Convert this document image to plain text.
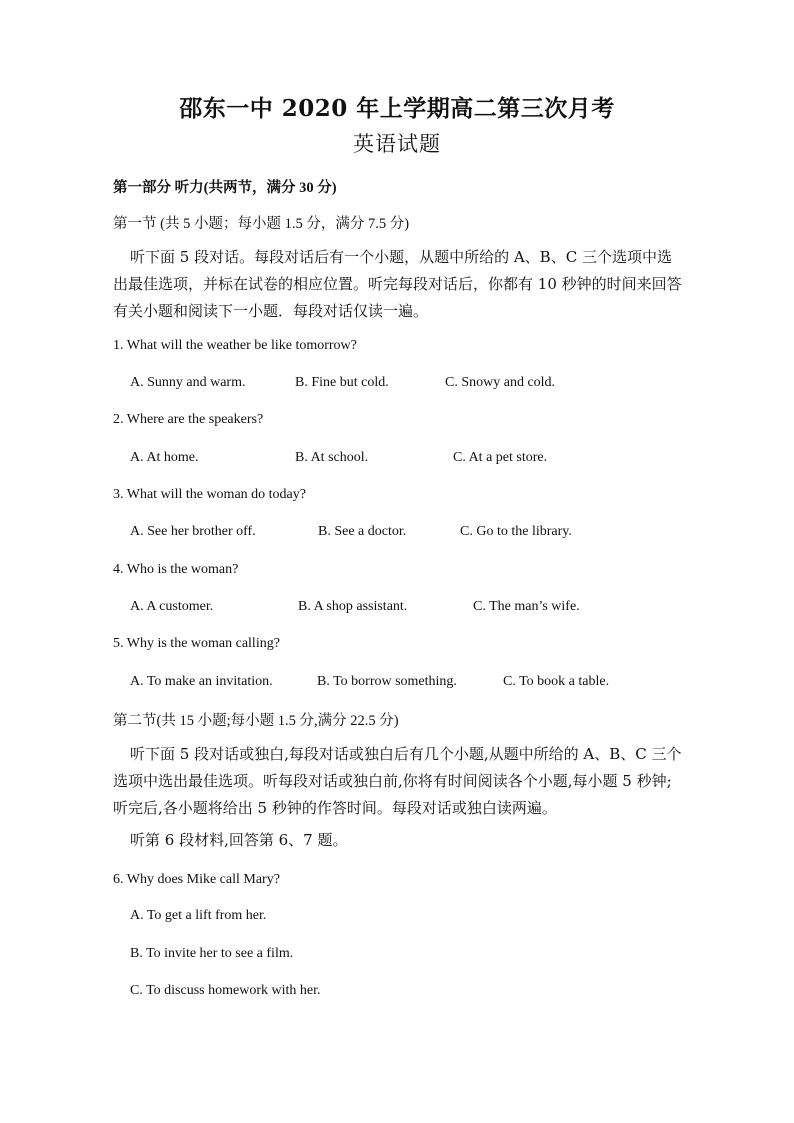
邵东一中 2020 年上学期高二第三次月考
英语试题
第一部分 听力(共两节，满分 30 分)
第一节 (共 5 小题；每小题 1.5 分，满分 7.5 分)
听下面 5 段对话。每段对话后有一个小题，从题中所给的 A、B、C 三个选项中选出最佳选项，并标在试卷的相应位置。听完每段对话后，你都有 10 秒钟的时间来回答有关小题和阅读下一小题．每段对话仅读一遍。
1. What will the weather be like tomorrow?
A. Sunny and warm.	B. Fine but cold.	C. Snowy and cold.
2. Where are the speakers?
A. At home.	B. At school.	C. At a pet store.
3. What will the woman do today?
A. See her brother off.	B. See a doctor.	C. Go to the library.
4. Who is the woman?
A. A customer.	B. A shop assistant.	C. The man’s wife.
5. Why is the woman calling?
A. To make an invitation.	B. To borrow something.	C. To book a table.
第二节(共 15 小题;每小题 1.5 分,满分 22.5 分)
听下面 5 段对话或独白,每段对话或独白后有几个小题,从题中所给的 A、B、C 三个选项中选出最佳选项。听每段对话或独白前,你将有时间阅读各个小题,每小题 5 秒钟;听完后,各小题将给出 5 秒钟的作答时间。每段对话或独白读两遍。
听第 6 段材料,回答第 6、7 题。
6. Why does Mike call Mary?
A. To get a lift from her.
B. To invite her to see a film.
C. To discuss homework with her.
